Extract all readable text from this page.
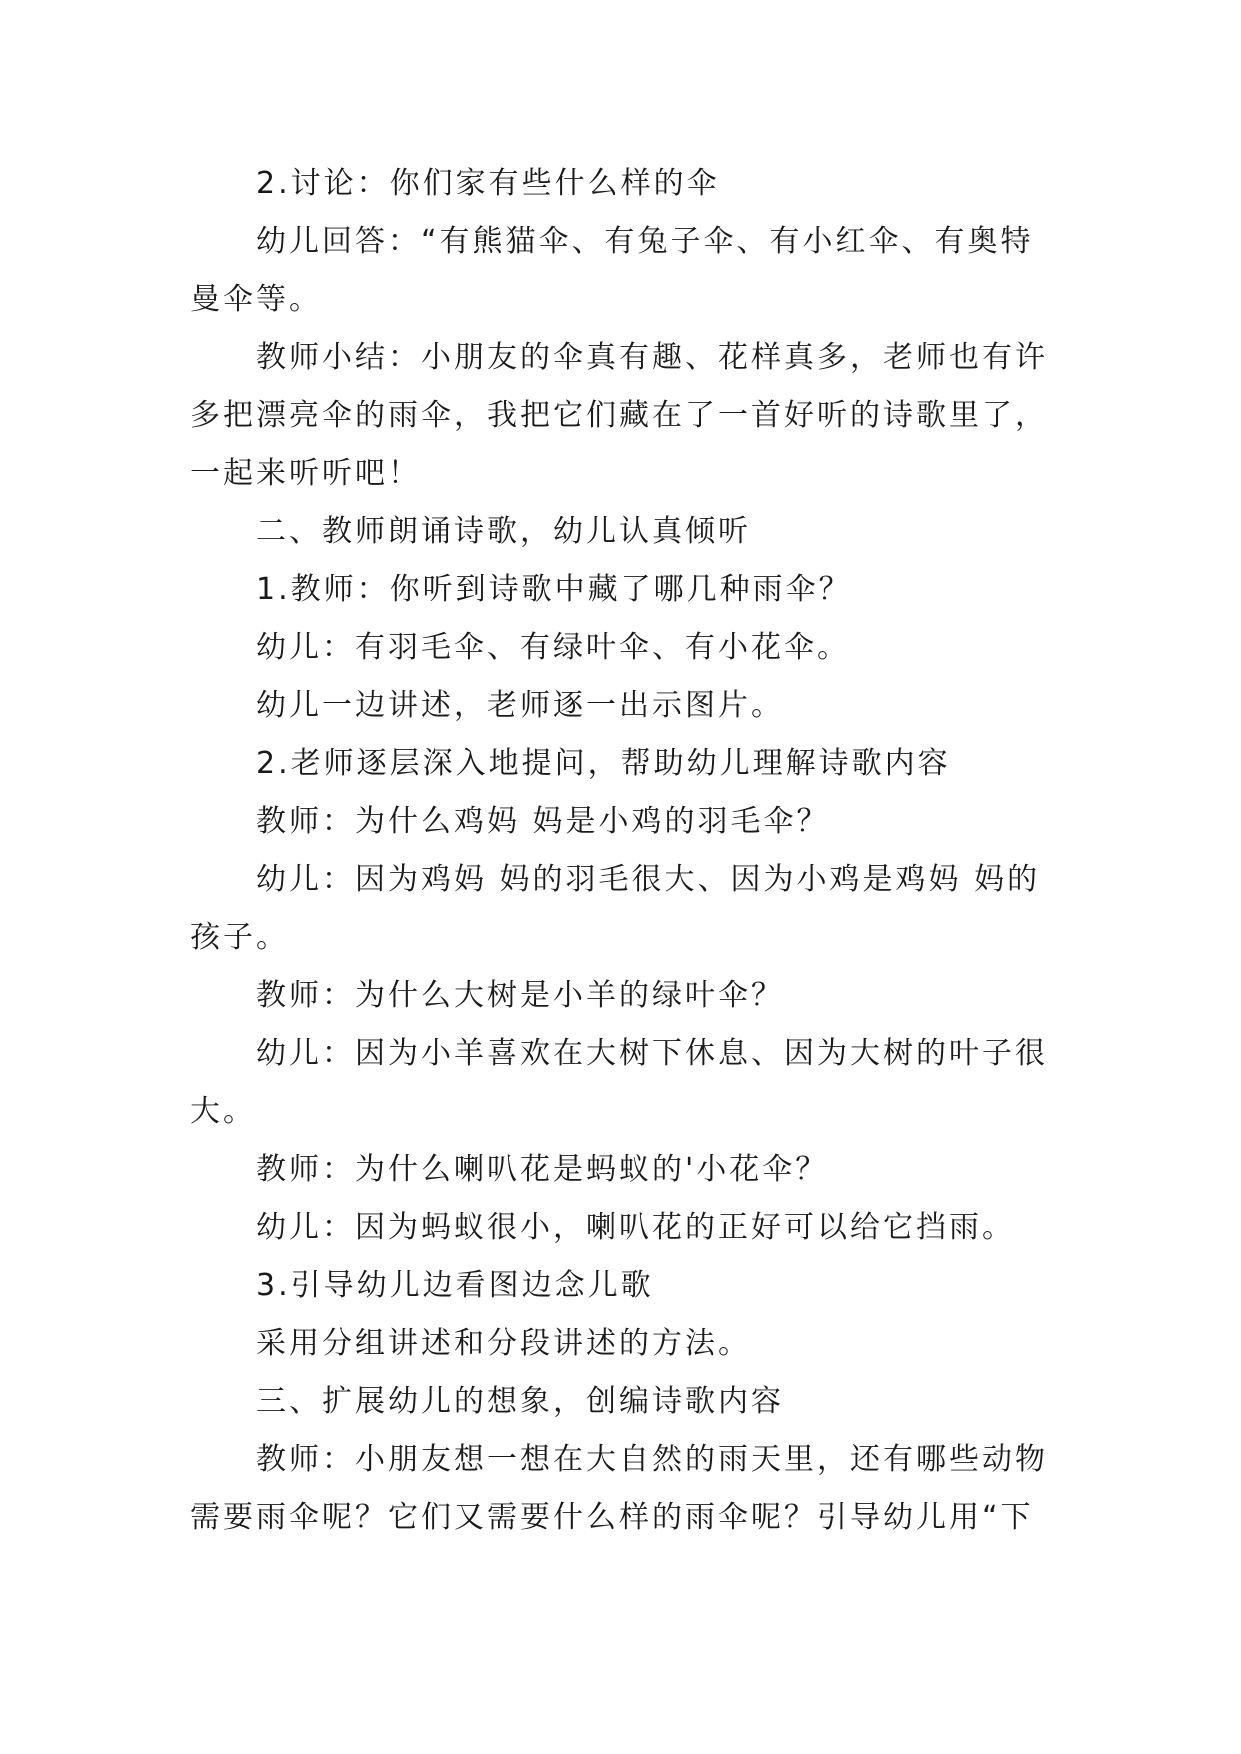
2.讨论：你们家有些什么样的伞
幼儿回答：“有熊猫伞、有兔子伞、有小红伞、有奥特
曼伞等。
教师小结：小朋友的伞真有趣、花样真多，老师也有许
多把漂亮伞的雨伞，我把它们藏在了一首好听的诗歌里了，
一起来听听吧！
二、教师朗诵诗歌，幼儿认真倾听
1.教师：你听到诗歌中藏了哪几种雨伞？
幼儿：有羽毛伞、有绿叶伞、有小花伞。
幼儿一边讲述，老师逐一出示图片。
2.老师逐层深入地提问，帮助幼儿理解诗歌内容
教师：为什么鸡妈 妈是小鸡的羽毛伞？
幼儿：因为鸡妈 妈的羽毛很大、因为小鸡是鸡妈 妈的
孩子。
教师：为什么大树是小羊的绿叶伞？
幼儿：因为小羊喜欢在大树下休息、因为大树的叶子很
大。
教师：为什么喇叭花是蚂蚁的'小花伞？
幼儿：因为蚂蚁很小，喇叭花的正好可以给它挡雨。
3.引导幼儿边看图边念儿歌
采用分组讲述和分段讲述的方法。
三、扩展幼儿的想象，创编诗歌内容
教师：小朋友想一想在大自然的雨天里，还有哪些动物
需要雨伞呢？它们又需要什么样的雨伞呢？引导幼儿用“下
